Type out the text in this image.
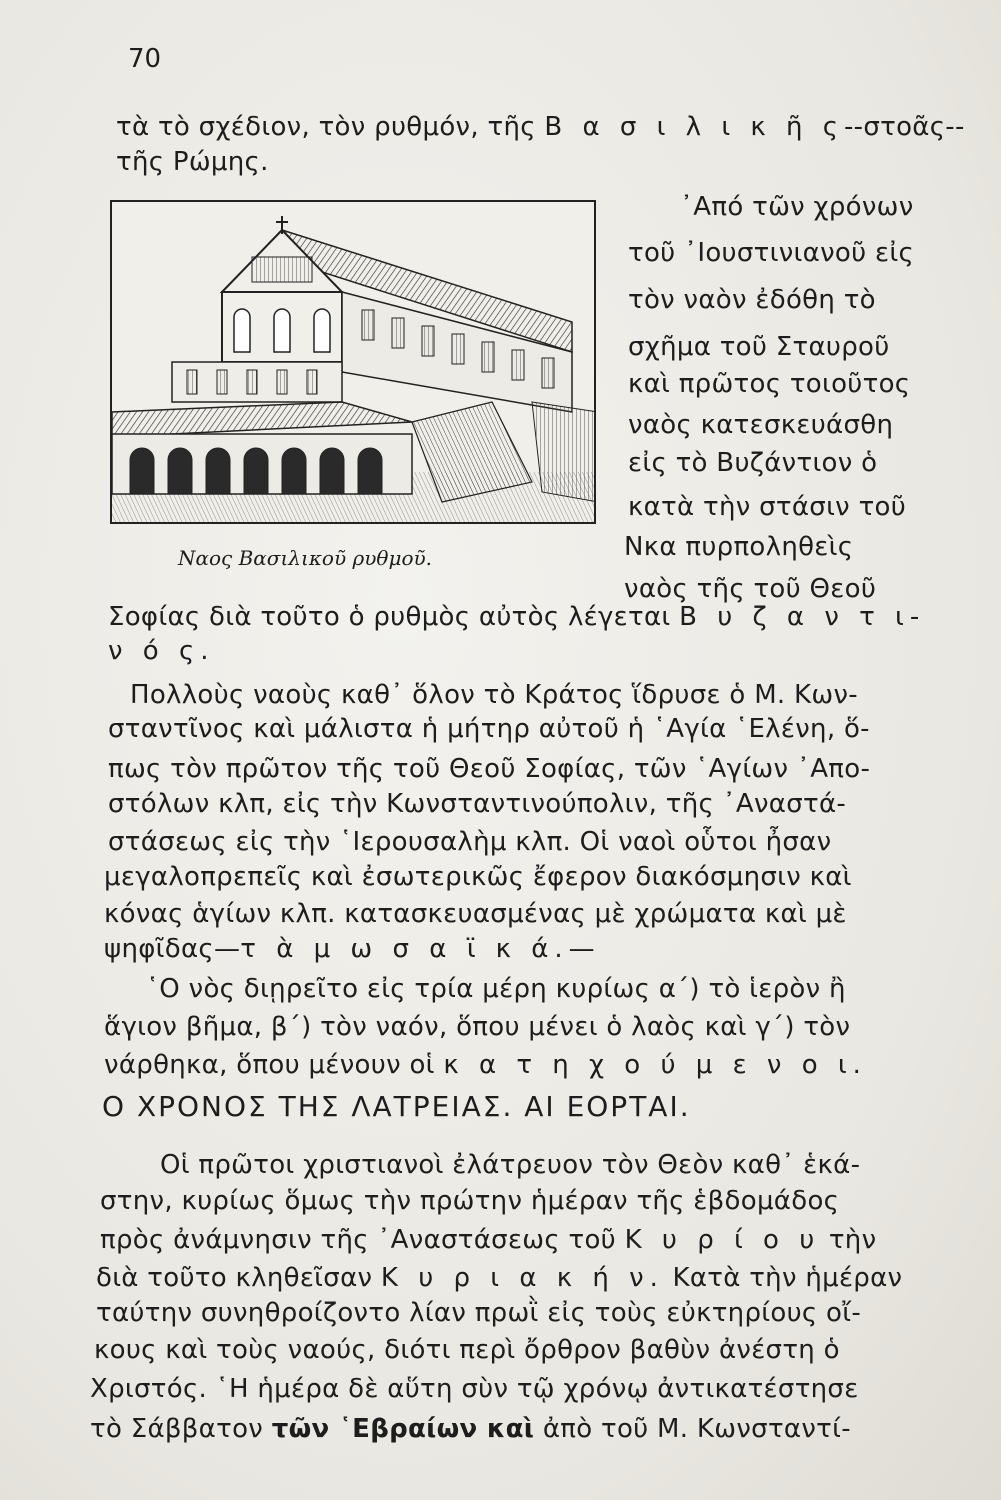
70
τὰ τὸ σχέδιον, τὸν ρυθμόν, τῆς Β α σ ι λ ι κ ῆ ς--στοᾶς--
τῆς Ρώμης.
Ναος Βασιλικοῦ ρυθμοῦ.
᾿Από τῶν χρόνων
τοῦ ᾿Ιουστινιανοῦ εἰς
τὸν ναὸν ἐδόθη τὸ
σχῆμα τοῦ Σταυροῦ
καὶ πρῶτος τοιοῦτος
ναὸς κατεσκευάσθη
εἰς τὸ Βυζάντιον ὁ
κατὰ τὴν στάσιν τοῦ
Νκα πυρποληθεὶς
ναὸς τῆς τοῦ Θεοῦ
Σοφίας διὰ τοῦτο ὁ ρυθμὸς αὐτὸς λέγεται Β υ ζ α ν τ ι-
ν ό ς.
Πολλοὺς ναοὺς καθ᾿ ὅλον τὸ Κράτος ἵδρυσε ὁ Μ. Κων-
σταντῖνος καὶ μάλιστα ἡ μήτηρ αὐτοῦ ἡ ῾Αγία ῾Ελένη, ὅ-
πως τὸν πρῶτον τῆς τοῦ Θεοῦ Σοφίας, τῶν ῾Αγίων ᾿Απο-
στόλων κλπ, εἰς τὴν Κωνσταντινούπολιν, τῆς ᾿Αναστά-
στάσεως εἰς τὴν ῾Ιερουσαλὴμ κλπ. Οἱ ναοὶ οὗτοι ἦσαν
μεγαλοπρεπεῖς καὶ ἐσωτερικῶς ἔφερον διακόσμησιν καὶ
κόνας ἁγίων κλπ. κατασκευασμένας μὲ χρώματα καὶ μὲ
ψηφῖδας—τ ὰ μ ω σ α ϊ κ ά.—
῾Ο νὸς διῃρεῖτο εἰς τρία μέρη κυρίως α΄) τὸ ἱερὸν ἢ
ἅγιον βῆμα, β΄) τὸν ναόν, ὅπου μένει ὁ λαὸς καὶ γ΄) τὸν
νάρθηκα, ὅπου μένουν οἱ κ α τ η χ ο ύ μ ε ν ο ι.
Ο ΧΡΟΝΟΣ ΤΗΣ ΛΑΤΡΕΙΑΣ. ΑΙ ΕΟΡΤΑΙ.
Οἱ πρῶτοι χριστιανοὶ ἐλάτρευον τὸν Θεὸν καθ᾿ ἑκά-
στην, κυρίως ὅμως τὴν πρώτην ἡμέραν τῆς ἑβδομάδος
πρὸς ἀνάμνησιν τῆς ᾿Αναστάσεως τοῦ Κ υ ρ ί ο υ τὴν
διὰ τοῦτο κληθεῖσαν Κ υ ρ ι α κ ή ν. Κατὰ τὴν ἡμέραν
ταύτην συνηθροίζοντο λίαν πρωῒ εἰς τοὺς εὐκτηρίους οἴ-
κους καὶ τοὺς ναούς, διότι περὶ ὄρθρον βαθὺν ἀνέστη ὁ
Χριστός. ῾Η ἡμέρα δὲ αὕτη σὺν τῷ χρόνῳ ἀντικατέστησε
τὸ Σάββατον τῶν ῾Εβραίων καὶ ἀπὸ τοῦ Μ. Κωνσταντί-
